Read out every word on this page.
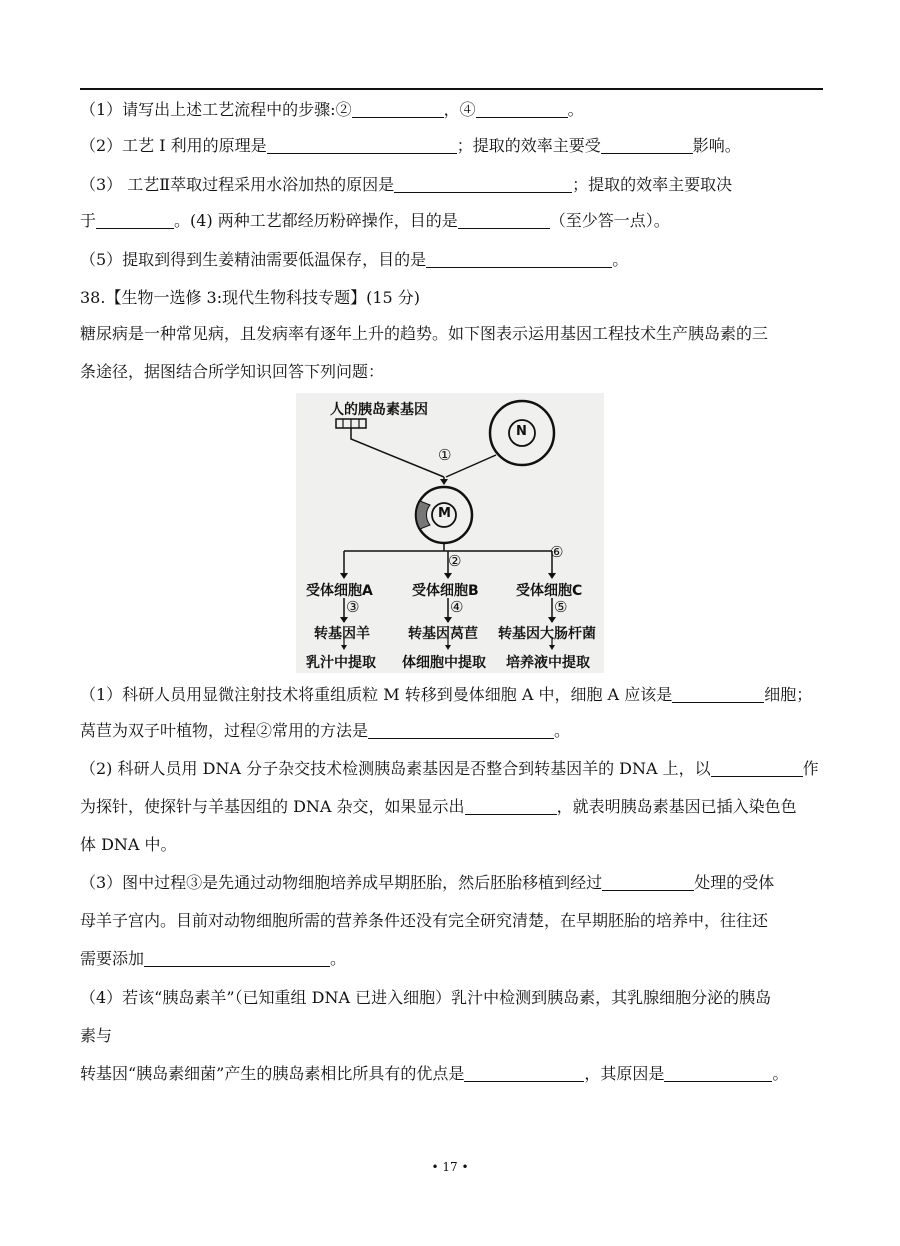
（1）请写出上述工艺流程中的步骤:②	，④	。
（2）工艺 I 利用的原理是	；提取的效率主要受	影响。
（3） 工艺Ⅱ萃取过程采用水浴加热的原因是	；提取的效率主要取决
于	。(4) 两种工艺都经历粉碎操作，目的是	（至少答一点）。
（5）提取到得到生姜精油需要低温保存，目的是	。
38.【生物一选修 3:现代生物科技专题】(15 分)
糖尿病是一种常见病，且发病率有逐年上升的趋势。如下图表示运用基因工程技术生产胰岛素的三
条途径，据图结合所学知识回答下列问题：
人的胰岛素基因
N
M
①
②	⑥
受体细胞A	受体细胞B	受体细胞C
③	④	⑤
转基因羊	转基因莴苣 转基因大肠杆菌
乳汁中提取 体细胞中提取 培养液中提取
（1）科研人员用显微注射技术将重组质粒 M 转移到曼体细胞 A 中，细胞 A 应该是	细胞；
莴苣为双子叶植物，过程②常用的方法是	。
（2) 科研人员用 DNA 分子杂交技术检测胰岛素基因是否整合到转基因羊的 DNA 上，以	作
为探针，使探针与羊基因组的 DNA 杂交，如果显示出	，就表明胰岛素基因已插入染色色
体 DNA 中。
（3）图中过程③是先通过动物细胞培养成早期胚胎，然后胚胎移植到经过	处理的受体
母羊子宫内。目前对动物细胞所需的营养条件还没有完全研究清楚，在早期胚胎的培养中，往往还
需要添加	。
（4）若该“胰岛素羊”（已知重组 DNA 已进入细胞）乳汁中检测到胰岛素，其乳腺细胞分泌的胰岛
素与
转基因“胰岛素细菌”产生的胰岛素相比所具有的优点是	，其原因是	。
• 17 •
